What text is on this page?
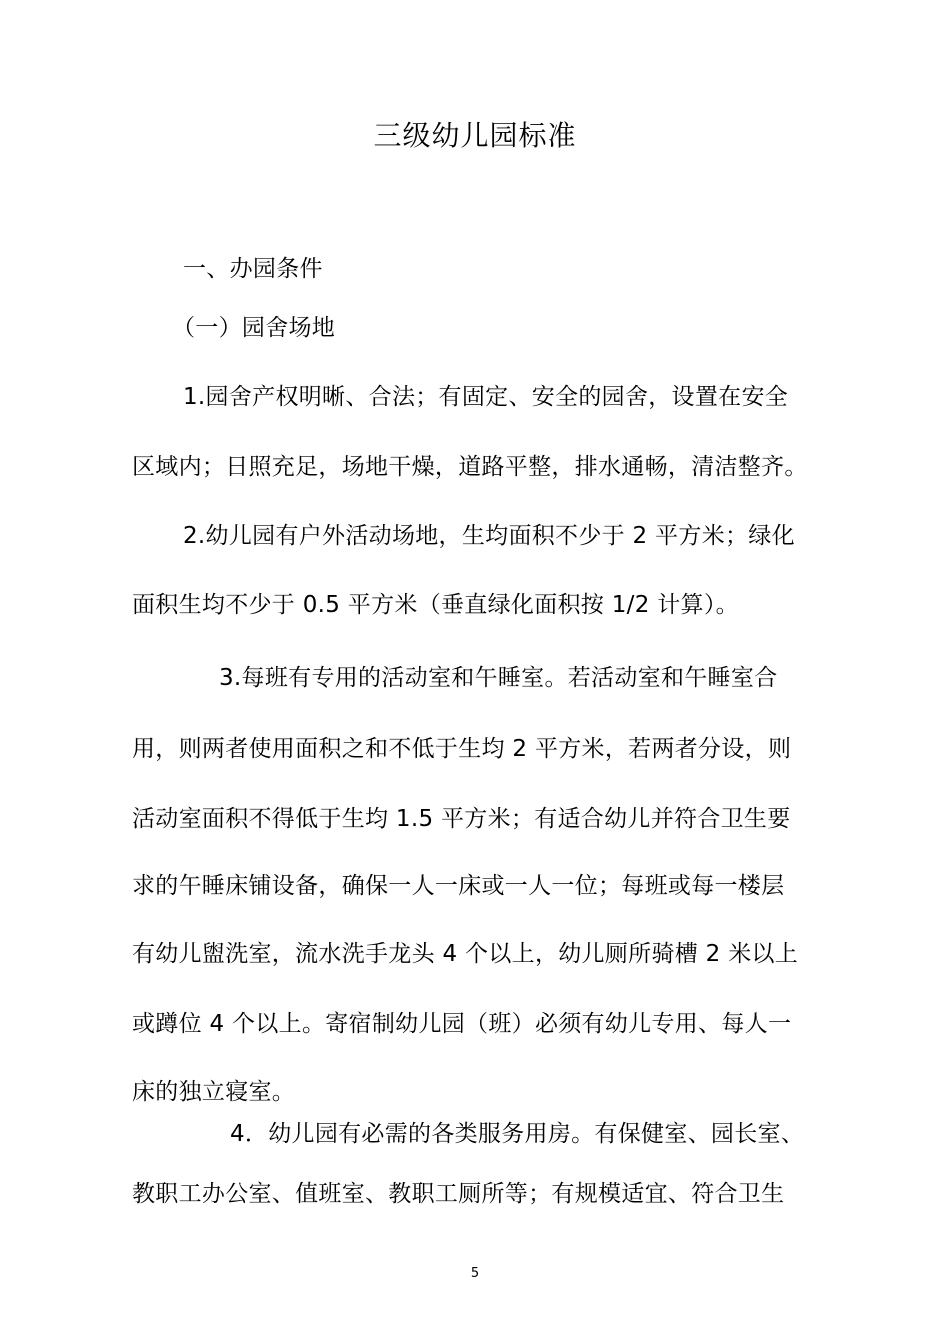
三级幼儿园标准
一、办园条件
（一）园舍场地
1.园舍产权明晰、合法；有固定、安全的园舍，设置在安全
区域内；日照充足，场地干燥，道路平整，排水通畅，清洁整齐。
2.幼儿园有户外活动场地，生均面积不少于 2 平方米；绿化
面积生均不少于 0.5 平方米（垂直绿化面积按 1/2 计算）。
3.每班有专用的活动室和午睡室。若活动室和午睡室合
用，则两者使用面积之和不低于生均 2 平方米，若两者分设，则
活动室面积不得低于生均 1.5 平方米；有适合幼儿并符合卫生要
求的午睡床铺设备，确保一人一床或一人一位；每班或每一楼层
有幼儿盥洗室，流水洗手龙头 4 个以上，幼儿厕所骑槽 2 米以上
或蹲位 4 个以上。寄宿制幼儿园（班）必须有幼儿专用、每人一
床的独立寝室。
4．幼儿园有必需的各类服务用房。有保健室、园长室、
教职工办公室、值班室、教职工厕所等；有规模适宜、符合卫生
5
